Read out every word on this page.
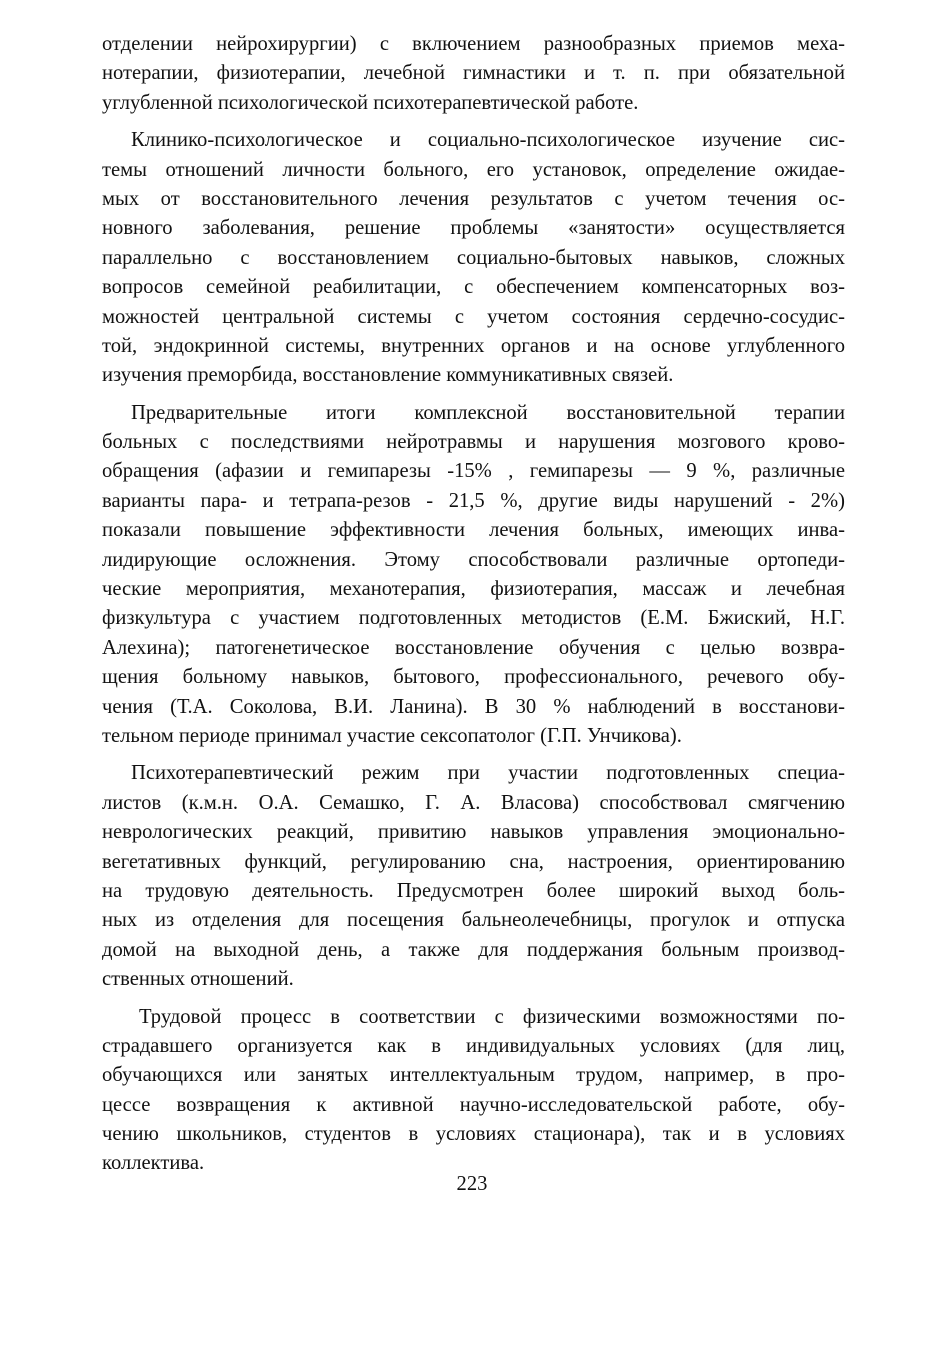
отделении нейрохирургии) с включением разнообразных приемов меха-
нотерапии, физиотерапии, лечебной гимнастики и т. п. при обязательной
углубленной психологической психотерапевтической работе.
Клинико-психологическое и социально-психологическое изучение сис-
темы отношений личности больного, его установок, определение ожидае-
мых от восстановительного лечения результатов с учетом течения ос-
новного заболевания, решение проблемы «занятости» осуществляется
параллельно с восстановлением социально-бытовых навыков, сложных
вопросов семейной реабилитации, с обеспечением компенсаторных воз-
можностей центральной системы с учетом состояния сердечно-сосудис-
той, эндокринной системы, внутренних органов и на основе углубленного
изучения преморбида, восстановление коммуникативных связей.
Предварительные итоги комплексной восстановительной терапии
больных с последствиями нейротравмы и нарушения мозгового крово-
обращения (афазии и гемипарезы -15% , гемипарезы — 9 %, различные
варианты пара- и тетрапа-резов - 21,5 %, другие виды нарушений - 2%)
показали повышение эффективности лечения больных, имеющих инва-
лидирующие осложнения. Этому способствовали различные ортопеди-
ческие мероприятия, механотерапия, физиотерапия, массаж и лечебная
физкультура с участием подготовленных методистов (Е.М. Бжиский, Н.Г.
Алехина); патогенетическое восстановление обучения с целью возвра-
щения больному навыков, бытового, профессионального, речевого обу-
чения (Т.А. Соколова, В.И. Ланина). В 30 % наблюдений в восстанови-
тельном периоде принимал участие сексопатолог (Г.П. Унчикова).
Психотерапевтический режим при участии подготовленных специа-
листов (к.м.н. О.А. Семашко, Г. А. Власова) способствовал смягчению
неврологических реакций, привитию навыков управления эмоционально-
вегетативных функций, регулированию сна, настроения, ориентированию
на трудовую деятельность. Предусмотрен более широкий выход боль-
ных из отделения для посещения бальнеолечебницы, прогулок и отпуска
домой на выходной день, а также для поддержания больным производ-
ственных отношений.
Трудовой процесс в соответствии с физическими возможностями по-
страдавшего организуется как в индивидуальных условиях (для лиц,
обучающихся или занятых интеллектуальным трудом, например, в про-
цессе возвращения к активной научно-исследовательской работе, обу-
чению школьников, студентов в условиях стационара), так и в условиях
коллектива.
223
